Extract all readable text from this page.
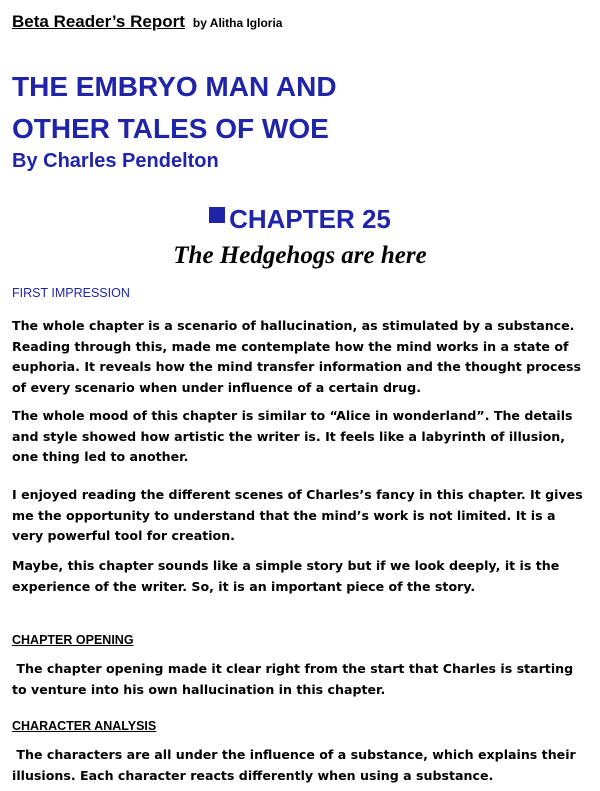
Beta Reader’s Report by Alitha Igloria
THE EMBRYO MAN AND OTHER TALES OF WOE
By Charles Pendelton
CHAPTER 25
The Hedgehogs are here
FIRST IMPRESSION

The whole chapter is a scenario of hallucination, as stimulated by a substance. Reading through this, made me contemplate how the mind works in a state of euphoria. It reveals how the mind transfer information and the thought process of every scenario when under influence of a certain drug.

The whole mood of this chapter is similar to “Alice in wonderland”. The details and style showed how artistic the writer is. It feels like a labyrinth of illusion, one thing led to another.

I enjoyed reading the different scenes of Charles’s fancy in this chapter. It gives me the opportunity to understand that the mind’s work is not limited. It is a very powerful tool for creation.

Maybe, this chapter sounds like a simple story but if we look deeply, it is the experience of the writer. So, it is an important piece of the story.

CHAPTER OPENING

The chapter opening made it clear right from the start that Charles is starting to venture into his own hallucination in this chapter.

CHARACTER ANALYSIS

The characters are all under the influence of a substance, which explains their illusions. Each character reacts differently when using a substance.
